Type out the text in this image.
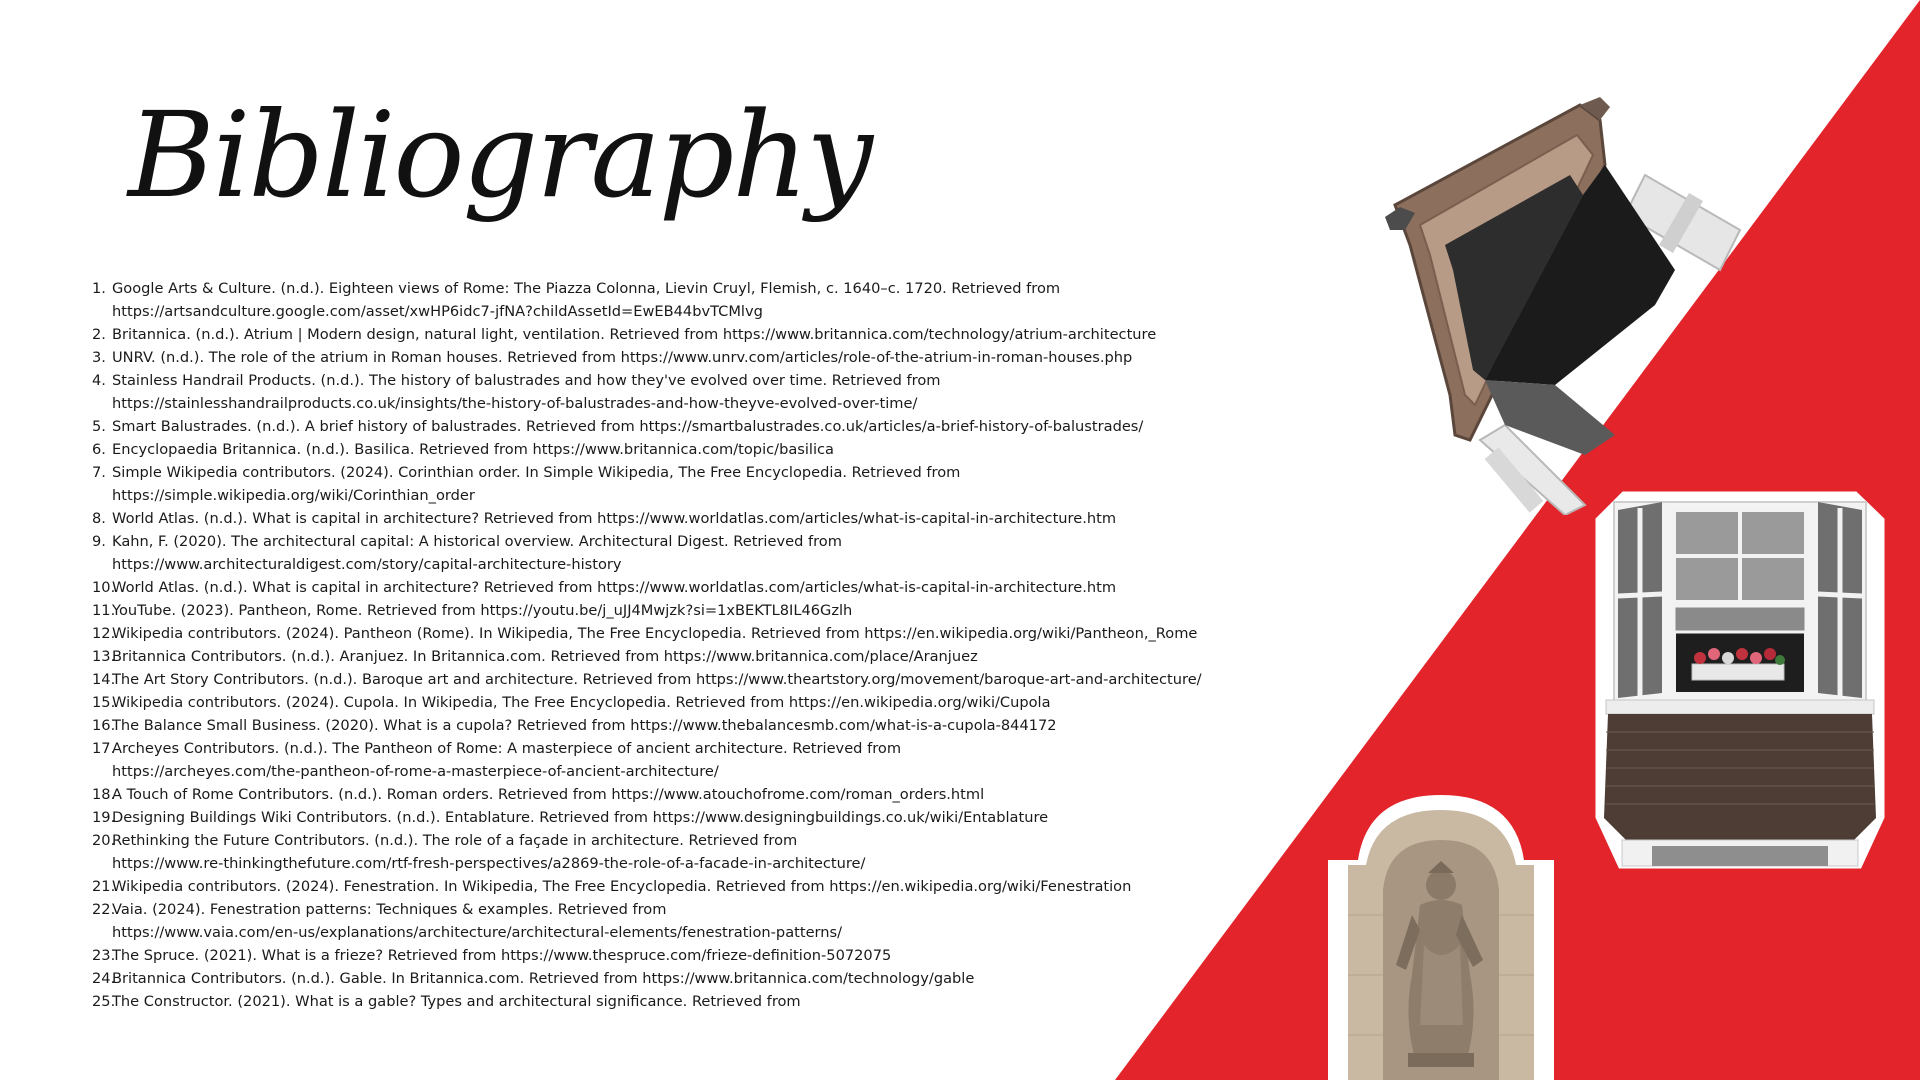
Bibliography
1. Google Arts & Culture. (n.d.). Eighteen views of Rome: The Piazza Colonna, Lievin Cruyl, Flemish, c. 1640–c. 1720. Retrieved from
https://artsandculture.google.com/asset/xwHP6idc7-jfNA?childAssetId=EwEB44bvTCMlvg
2. Britannica. (n.d.). Atrium | Modern design, natural light, ventilation. Retrieved from https://www.britannica.com/technology/atrium-architecture
3. UNRV. (n.d.). The role of the atrium in Roman houses. Retrieved from https://www.unrv.com/articles/role-of-the-atrium-in-roman-houses.php
4. Stainless Handrail Products. (n.d.). The history of balustrades and how they've evolved over time. Retrieved from
https://stainlesshandrailproducts.co.uk/insights/the-history-of-balustrades-and-how-theyve-evolved-over-time/
5. Smart Balustrades. (n.d.). A brief history of balustrades. Retrieved from https://smartbalustrades.co.uk/articles/a-brief-history-of-balustrades/
6. Encyclopaedia Britannica. (n.d.). Basilica. Retrieved from https://www.britannica.com/topic/basilica
7. Simple Wikipedia contributors. (2024). Corinthian order. In Simple Wikipedia, The Free Encyclopedia. Retrieved from
https://simple.wikipedia.org/wiki/Corinthian_order
8. World Atlas. (n.d.). What is capital in architecture? Retrieved from https://www.worldatlas.com/articles/what-is-capital-in-architecture.htm
9. Kahn, F. (2020). The architectural capital: A historical overview. Architectural Digest. Retrieved from
https://www.architecturaldigest.com/story/capital-architecture-history
10.
World Atlas. (n.d.). What is capital in architecture? Retrieved from https://www.worldatlas.com/articles/what-is-capital-in-architecture.htm
11.
YouTube. (2023). Pantheon, Rome. Retrieved from https://youtu.be/j_uJJ4Mwjzk?si=1xBEKTL8IL46Gzlh
12.
Wikipedia contributors. (2024). Pantheon (Rome). In Wikipedia, The Free Encyclopedia. Retrieved from https://en.wikipedia.org/wiki/Pantheon,_Rome
13.
Britannica Contributors. (n.d.). Aranjuez. In Britannica.com. Retrieved from https://www.britannica.com/place/Aranjuez
14.
The Art Story Contributors. (n.d.). Baroque art and architecture. Retrieved from https://www.theartstory.org/movement/baroque-art-and-architecture/
15.
Wikipedia contributors. (2024). Cupola. In Wikipedia, The Free Encyclopedia. Retrieved from https://en.wikipedia.org/wiki/Cupola
16.
The Balance Small Business. (2020). What is a cupola? Retrieved from https://www.thebalancesmb.com/what-is-a-cupola-844172
17.
Archeyes Contributors. (n.d.). The Pantheon of Rome: A masterpiece of ancient architecture. Retrieved from
https://archeyes.com/the-pantheon-of-rome-a-masterpiece-of-ancient-architecture/
18.
A Touch of Rome Contributors. (n.d.). Roman orders. Retrieved from https://www.atouchofrome.com/roman_orders.html
19.
Designing Buildings Wiki Contributors. (n.d.). Entablature. Retrieved from https://www.designingbuildings.co.uk/wiki/Entablature
20.
Rethinking the Future Contributors. (n.d.). The role of a façade in architecture. Retrieved from
https://www.re-thinkingthefuture.com/rtf-fresh-perspectives/a2869-the-role-of-a-facade-in-architecture/
21.
Wikipedia contributors. (2024). Fenestration. In Wikipedia, The Free Encyclopedia. Retrieved from https://en.wikipedia.org/wiki/Fenestration
22.
Vaia. (2024). Fenestration patterns: Techniques & examples. Retrieved from
https://www.vaia.com/en-us/explanations/architecture/architectural-elements/fenestration-patterns/
23.
The Spruce. (2021). What is a frieze? Retrieved from https://www.thespruce.com/frieze-definition-5072075
24.
Britannica Contributors. (n.d.). Gable. In Britannica.com. Retrieved from https://www.britannica.com/technology/gable
25.
The Constructor. (2021). What is a gable? Types and architectural significance. Retrieved from
